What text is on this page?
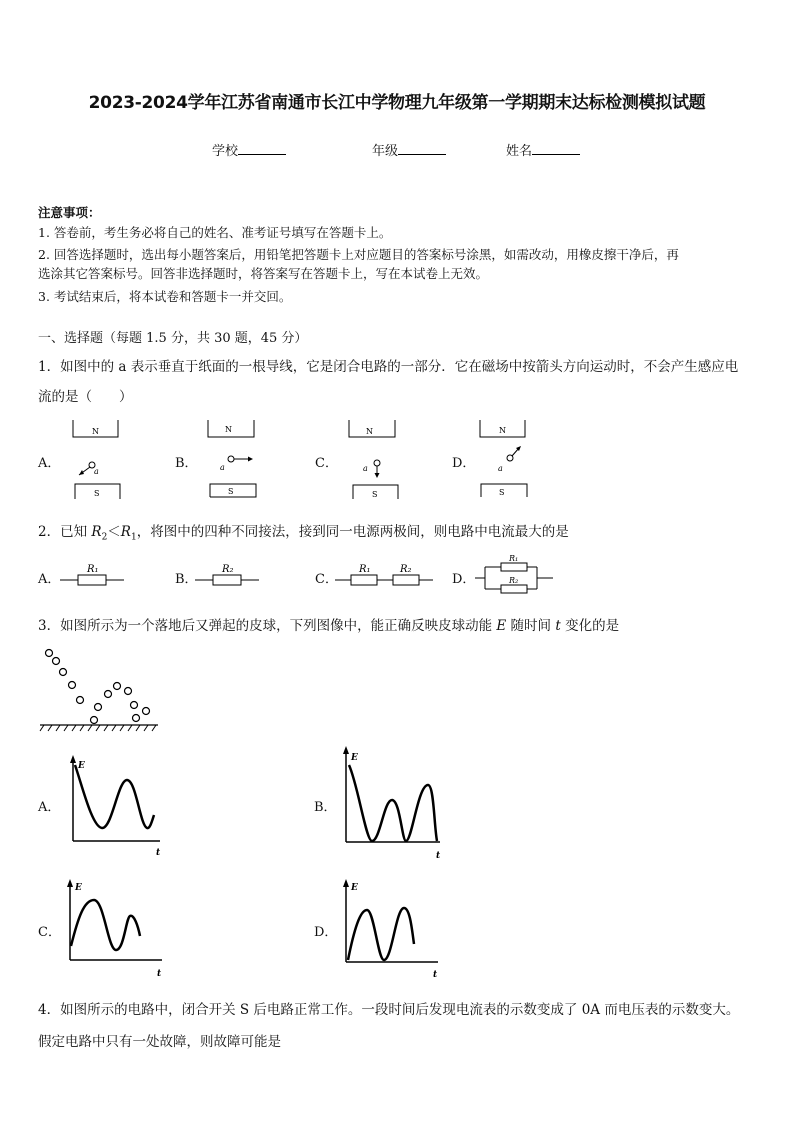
2023-2024学年江苏省南通市长江中学物理九年级第一学期期末达标检测模拟试题
学校	年级	姓名
注意事项：
1. 答卷前，考生务必将自己的姓名、准考证号填写在答题卡上。
2. 回答选择题时，选出每小题答案后，用铅笔把答题卡上对应题目的答案标号涂黑，如需改动，用橡皮擦干净后，再
选涂其它答案标号。回答非选择题时，将答案写在答题卡上，写在本试卷上无效。
3. 考试结束后，将本试卷和答题卡一并交回。
一、选择题（每题 1.5 分，共 30 题，45 分）
1．如图中的 a 表示垂直于纸面的一根导线，它是闭合电路的一部分．它在磁场中按箭头方向运动时，不会产生感应电
流的是（　　）
A．	B．	C．	D．
N
a
S
N
a
S
N
a
S
N
a
S
2．已知 $R_2<R_1$，将图中的四种不同接法，接到同一电源两极间，则电路中电流最大的是
A．	B．	C．	D．
R₁	R₂	R₁	R₂
R₁
R₂
3．如图所示为一个落地后又弹起的皮球，下列图像中，能正确反映皮球动能 E 随时间 t 变化的是
A．	B．
C．	D．
E
t
E
t
E
t
E
t
4．如图所示的电路中，闭合开关 S 后电路正常工作。一段时间后发现电流表的示数变成了 0A 而电压表的示数变大。
假定电路中只有一处故障，则故障可能是
